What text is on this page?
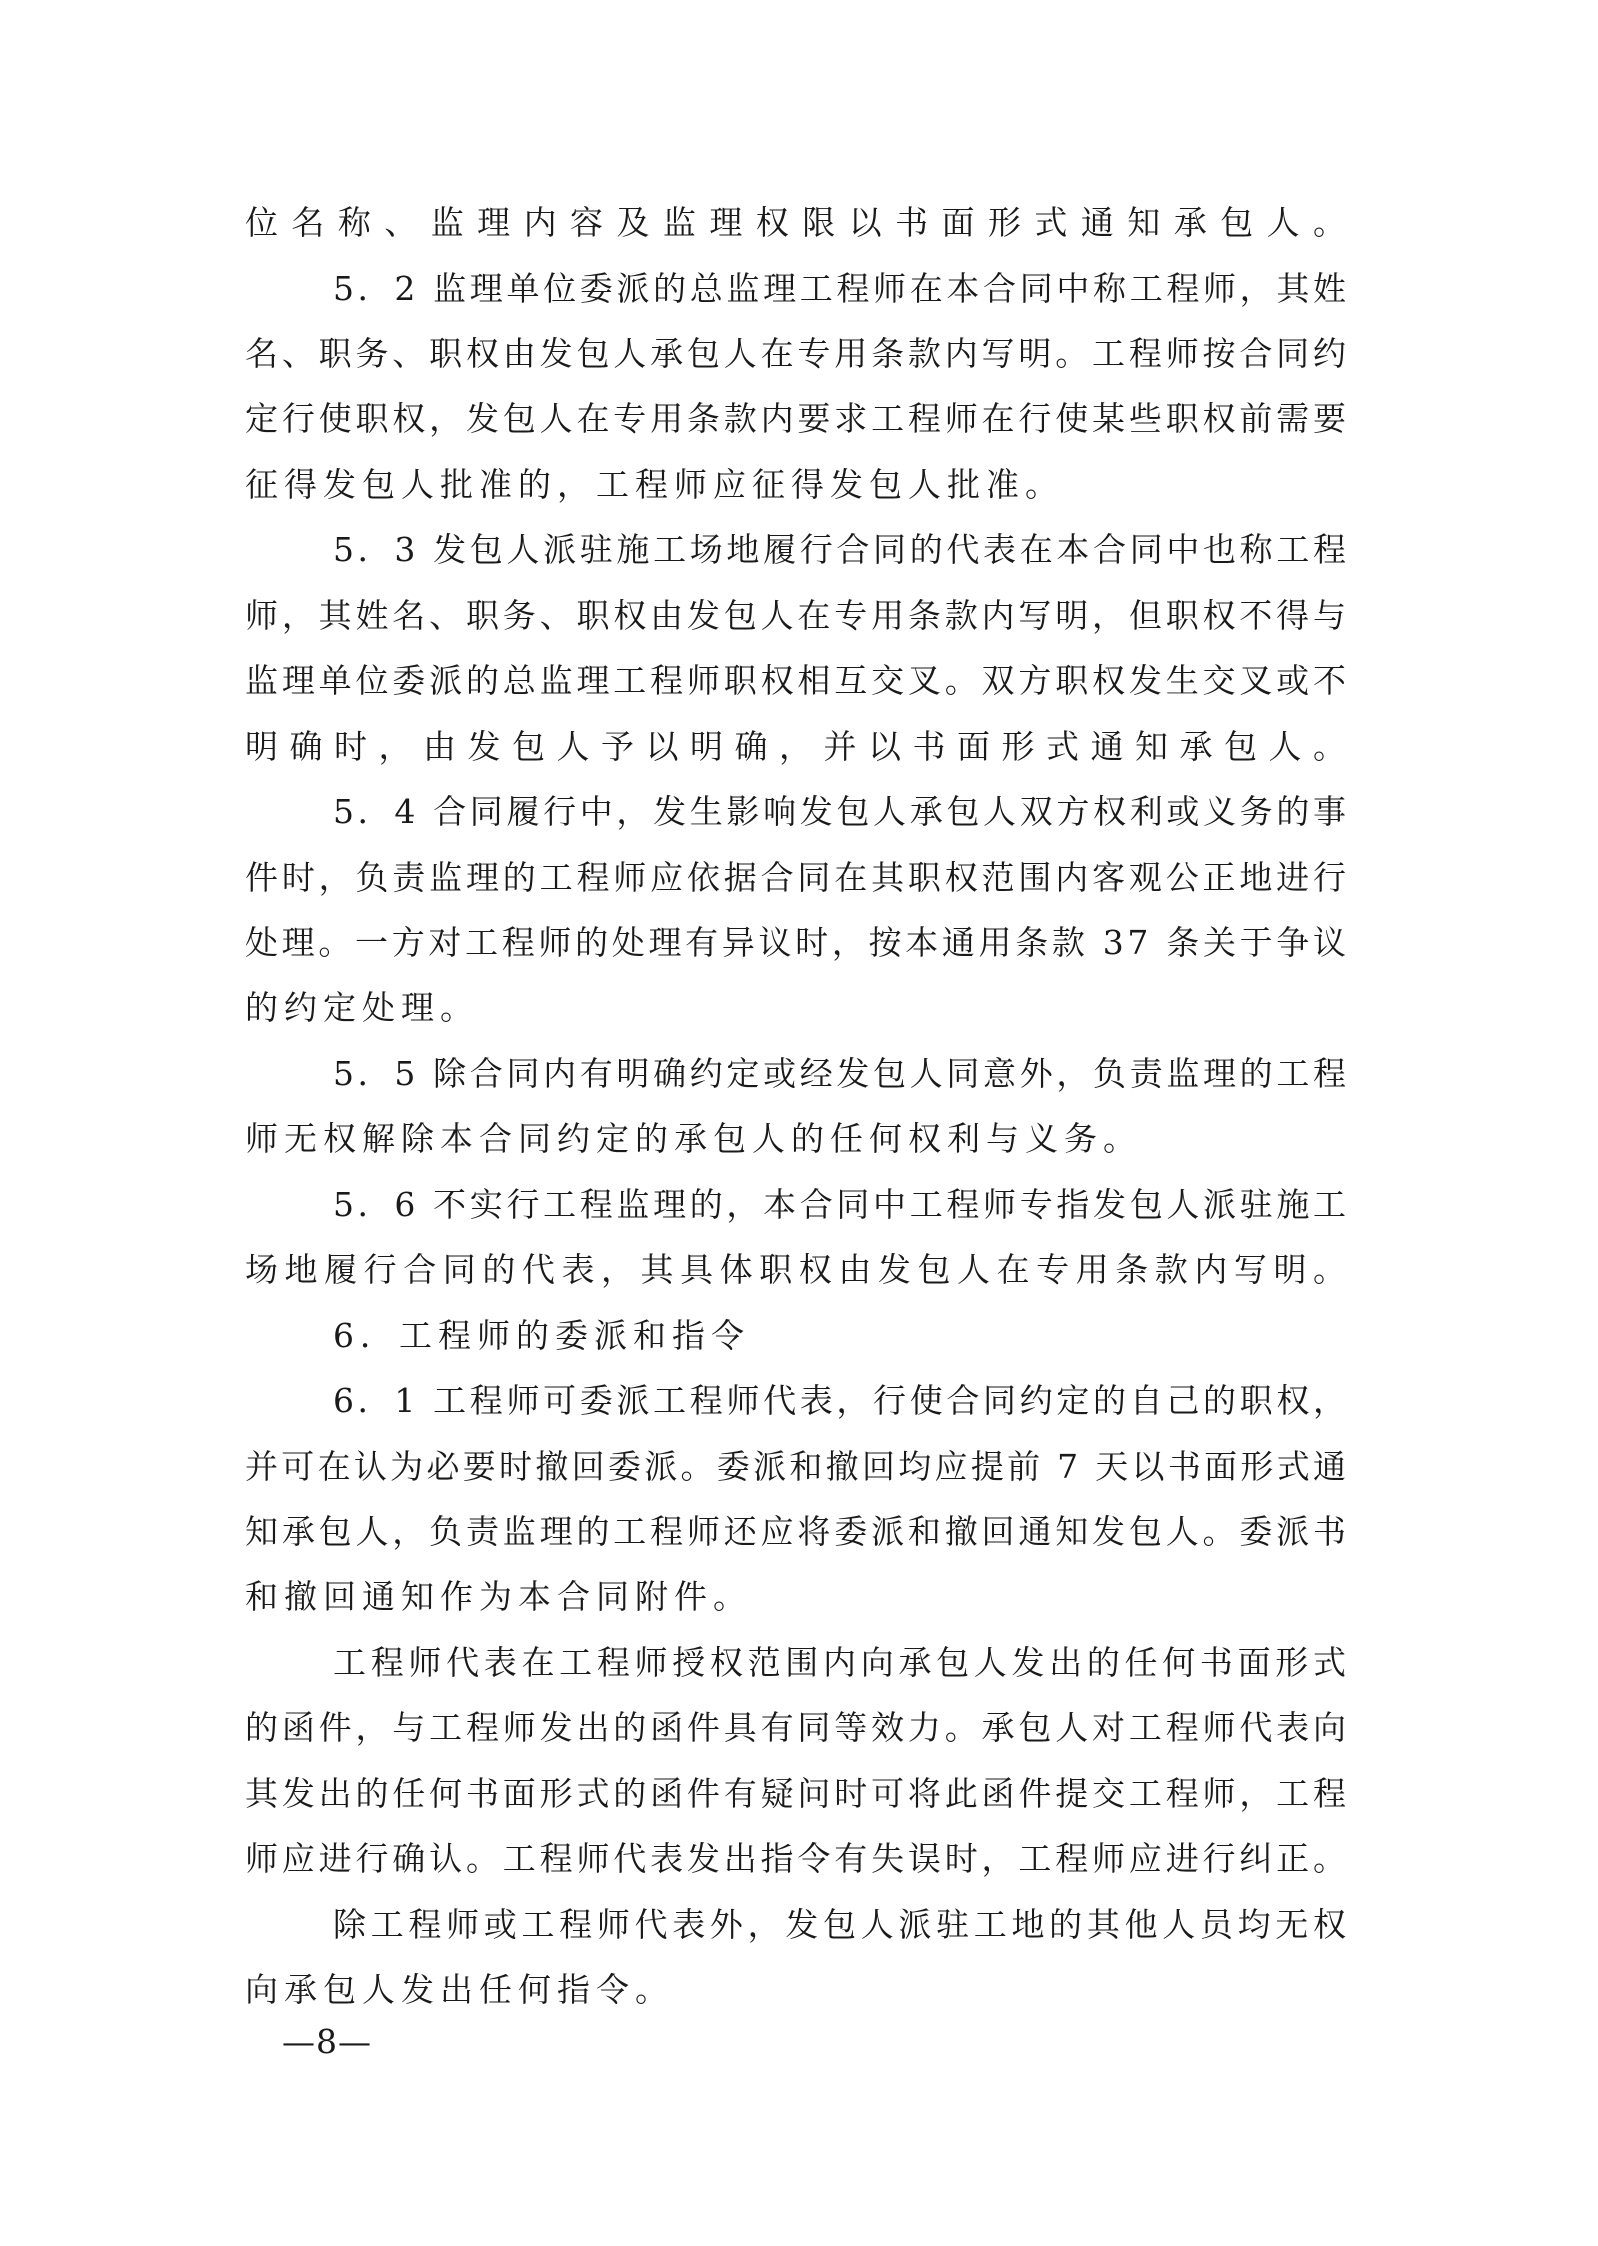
位名称、监理内容及监理权限以书面形式通知承包人。

5．2 监理单位委派的总监理工程师在本合同中称工程师，其姓

名、职务、职权由发包人承包人在专用条款内写明。工程师按合同约

定行使职权，发包人在专用条款内要求工程师在行使某些职权前需要

征得发包人批准的，工程师应征得发包人批准。

5．3 发包人派驻施工场地履行合同的代表在本合同中也称工程

师，其姓名、职务、职权由发包人在专用条款内写明，但职权不得与

监理单位委派的总监理工程师职权相互交叉。双方职权发生交叉或不

明确时，由发包人予以明确，并以书面形式通知承包人。

5．4 合同履行中，发生影响发包人承包人双方权利或义务的事

件时，负责监理的工程师应依据合同在其职权范围内客观公正地进行

处理。一方对工程师的处理有异议时，按本通用条款 37 条关于争议

的约定处理。

5．5 除合同内有明确约定或经发包人同意外，负责监理的工程

师无权解除本合同约定的承包人的任何权利与义务。

5．6 不实行工程监理的，本合同中工程师专指发包人派驻施工

场地履行合同的代表，其具体职权由发包人在专用条款内写明。

6．工程师的委派和指令

6．1 工程师可委派工程师代表，行使合同约定的自己的职权，

并可在认为必要时撤回委派。委派和撤回均应提前 7 天以书面形式通

知承包人，负责监理的工程师还应将委派和撤回通知发包人。委派书

和撤回通知作为本合同附件。

工程师代表在工程师授权范围内向承包人发出的任何书面形式

的函件，与工程师发出的函件具有同等效力。承包人对工程师代表向

其发出的任何书面形式的函件有疑问时可将此函件提交工程师，工程

师应进行确认。工程师代表发出指令有失误时，工程师应进行纠正。

除工程师或工程师代表外，发包人派驻工地的其他人员均无权

向承包人发出任何指令。

—8—
